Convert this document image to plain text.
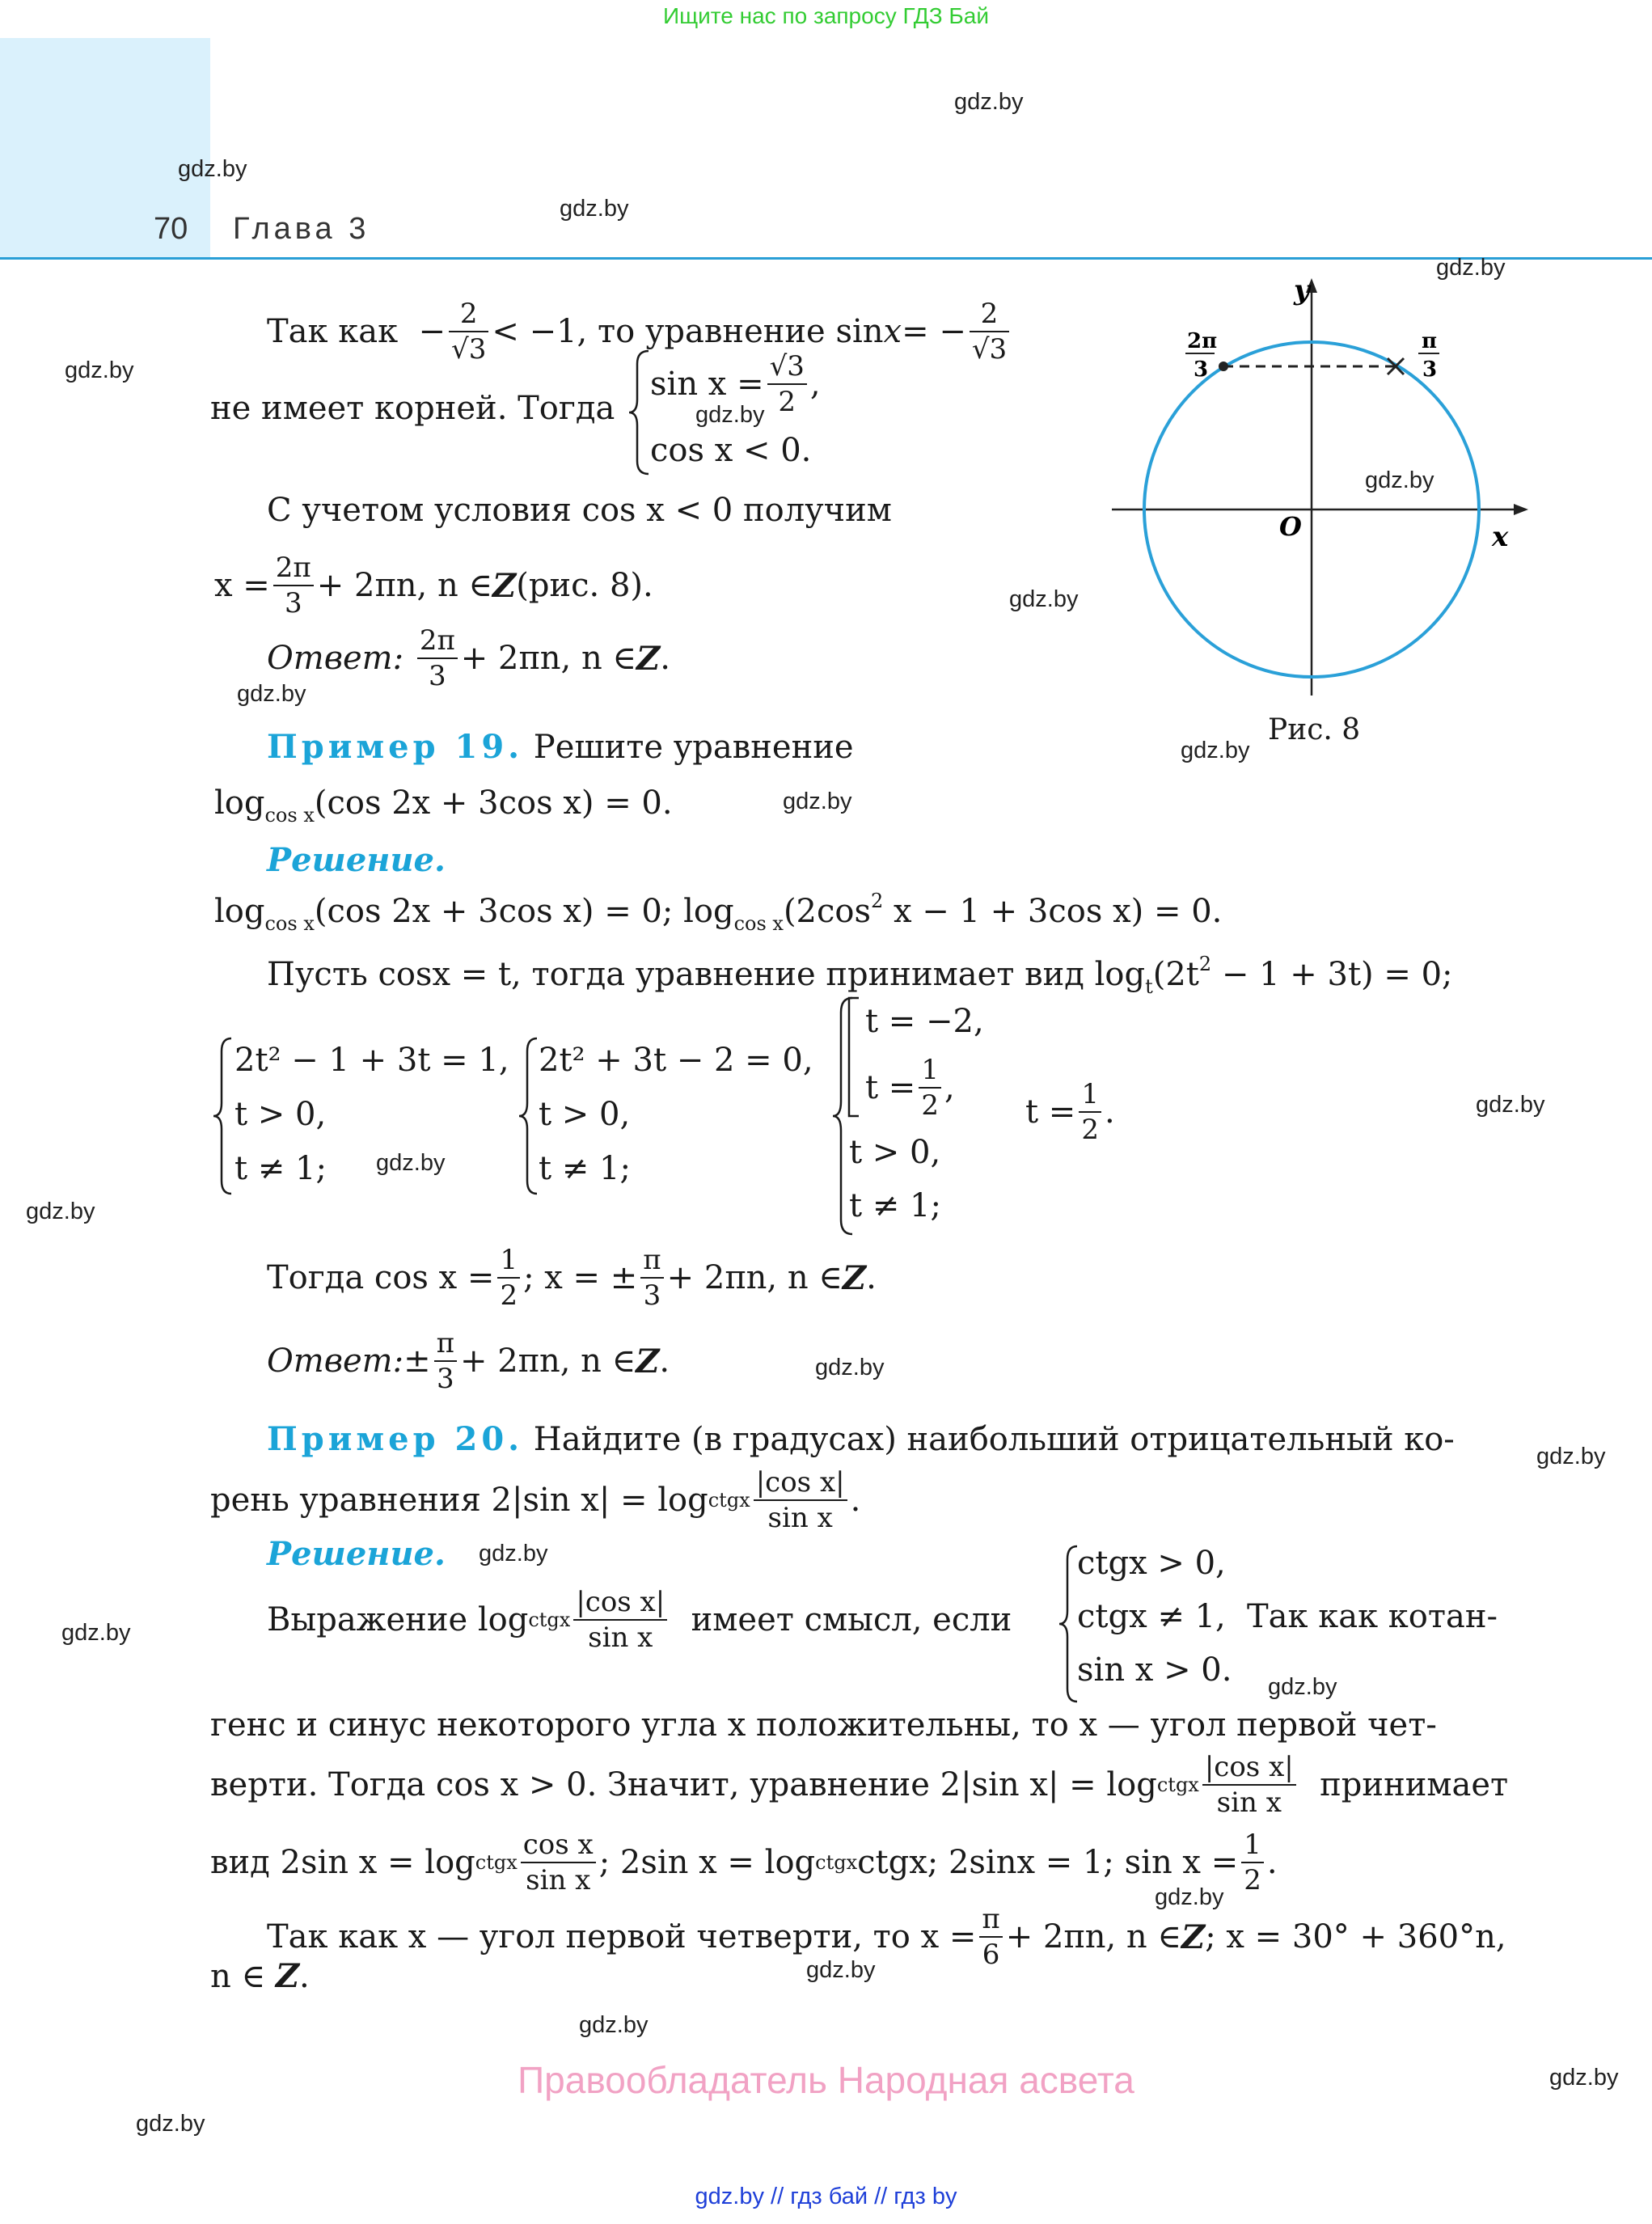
Ищите нас по запросу ГДЗ Бай
70 Глава 3
gdz.by
gdz.by
gdz.by
gdz.by
gdz.by
gdz.by
gdz.by
gdz.by
gdz.by
gdz.by
gdz.by
gdz.by
gdz.by
gdz.by
gdz.by
gdz.by
gdz.by
gdz.by
gdz.by
gdz.by
gdz.by
gdz.by
gdz.by
gdz.by
y
x
O
2π
3
π
3
Рис. 8
Так как − $\frac{2}{√3} < -1$, то уравнение sin x = − $\frac{2}{√3}$
не имеет корней. Тогда
$\sin x = \frac{√3}{2}$ ,
cos x < 0.
С учетом условия cos x < 0 получим
$x = \frac{2\pi}{3} + 2\pi n$, n ∈ Z (рис. 8).
Ответ:
$\frac{2\pi}{3} + 2\pi n$, n ∈ Z .
Пример 19. Решите уравнение
$\log_{cos x}(\cos$ 2x + 3cos x) = 0.
Решение.
$\log_{cos x}(\cos$ 2x + 3cos x) = 0; $\log_{cos x}(2\cos^2$ x − 1 + 3cos x) = 0.
Пусть cosx = t, тогда уравнение принимает вид $\log_t(2t^2 - 1 + 3t) = 0$;
2t² − 1 + 3t = 1,
t > 0,
t ≠ 1;
2t² + 3t − 2 = 0,
t > 0,
t ≠ 1;
t = −2,
$t = \frac{1}{2}$ ,
t > 0,
t ≠ 1;
$t = \frac{1}{2}$ .
Тогда $\cos x = \frac{1}{2}$ ; x = ± $\frac{\pi}{3} + 2\pi n$, n ∈ Z .
Ответ: ± $\frac{\pi}{3} + 2\pi n$, n ∈ Z .
Пример 20. Найдите (в градусах) наибольший отрицательный ко-
рень уравнения 2|sin x| = log ctgx $\frac{\text{|cos x|}}{\text{sin x}}$ .
Решение.
Выражение log ctgx $\frac{\text{|cos x|}}{\text{sin x}}$
имеет смысл, если
ctgx > 0,
ctgx ≠ 1,
sin x > 0.
Так как котан-
генс и синус некоторого угла x положительны, то x — угол первой чет-
верти. Тогда cos x > 0. Значит, уравнение 2|sin x| = log ctgx $\frac{\text{|cos x|}}{\text{sin x}}$
принимает
вид 2sin x = log ctgx $\frac{\text{cos x}}{\text{sin x}}$ ; 2sin x = log ctgx ctgx; 2sinx = 1; $\sin x = \frac{1}{2}$ .
Так как x — угол первой четверти, то $x = \frac{\pi}{6} + 2\pi n$, n ∈ Z ; x = 30° + 360°n,
n ∈ Z.
Правообладатель Народная асвета
gdz.by // гдз бай // гдз by
